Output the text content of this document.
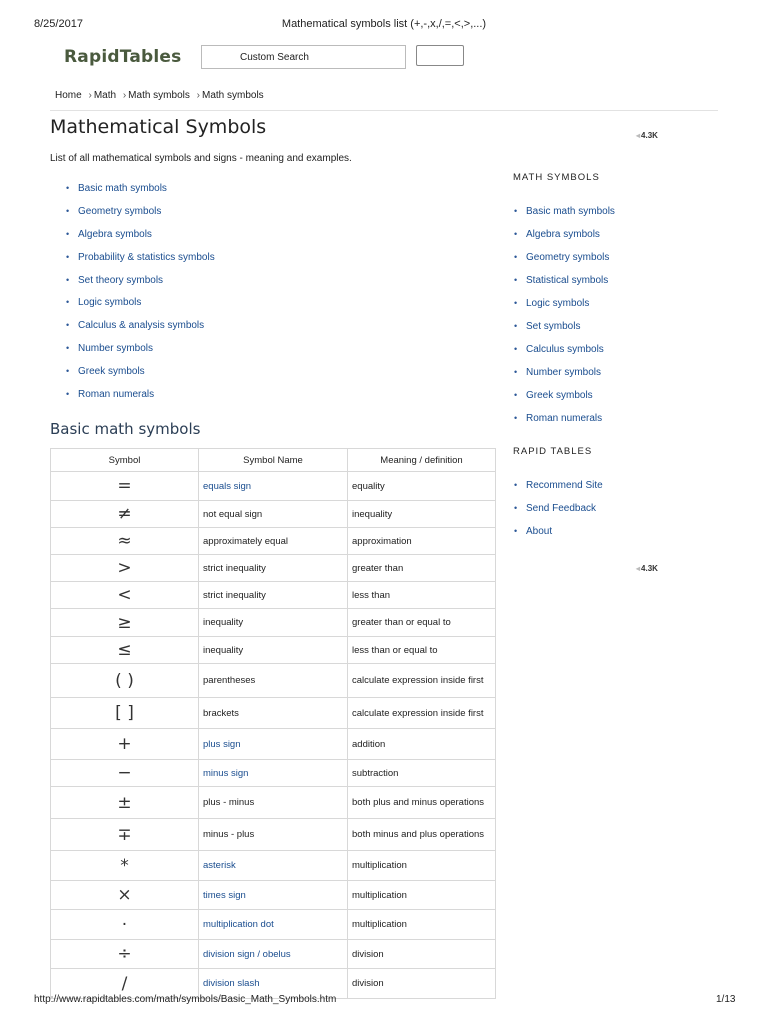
8/25/2017	Mathematical symbols list (+,-,x,/,=,<,>,...)
RapidTables	Custom Search
Home › Math › Math symbols › Math symbols
Mathematical Symbols	◂ 4.3K
List of all mathematical symbols and signs - meaning and examples.
• Basic math symbols
• Geometry symbols
• Algebra symbols
• Probability & statistics symbols
• Set theory symbols
• Logic symbols
• Calculus & analysis symbols
• Number symbols
• Greek symbols
• Roman numerals
MATH SYMBOLS
• Basic math symbols
• Algebra symbols
• Geometry symbols
• Statistical symbols
• Logic symbols
• Set symbols
• Calculus symbols
• Number symbols
• Greek symbols
• Roman numerals
RAPID TABLES
• Recommend Site
• Send Feedback
• About
◂ 4.3K
Basic math symbols
Symbol	Symbol Name	Meaning / definition
=	equals sign	equality
≠	not equal sign	inequality
≈	approximately equal	approximation
>	strict inequality	greater than
<	strict inequality	less than
≥	inequality	greater than or equal to
≤	inequality	less than or equal to
( )	parentheses	calculate expression inside first
[ ]	brackets	calculate expression inside first
+	plus sign	addition
−	minus sign	subtraction
±	plus - minus	both plus and minus operations
∓	minus - plus	both minus and plus operations
*	asterisk	multiplication
×	times sign	multiplication
·	multiplication dot	multiplication
÷	division sign / obelus	division
/	division slash	division
http://www.rapidtables.com/math/symbols/Basic_Math_Symbols.htm	1/13
